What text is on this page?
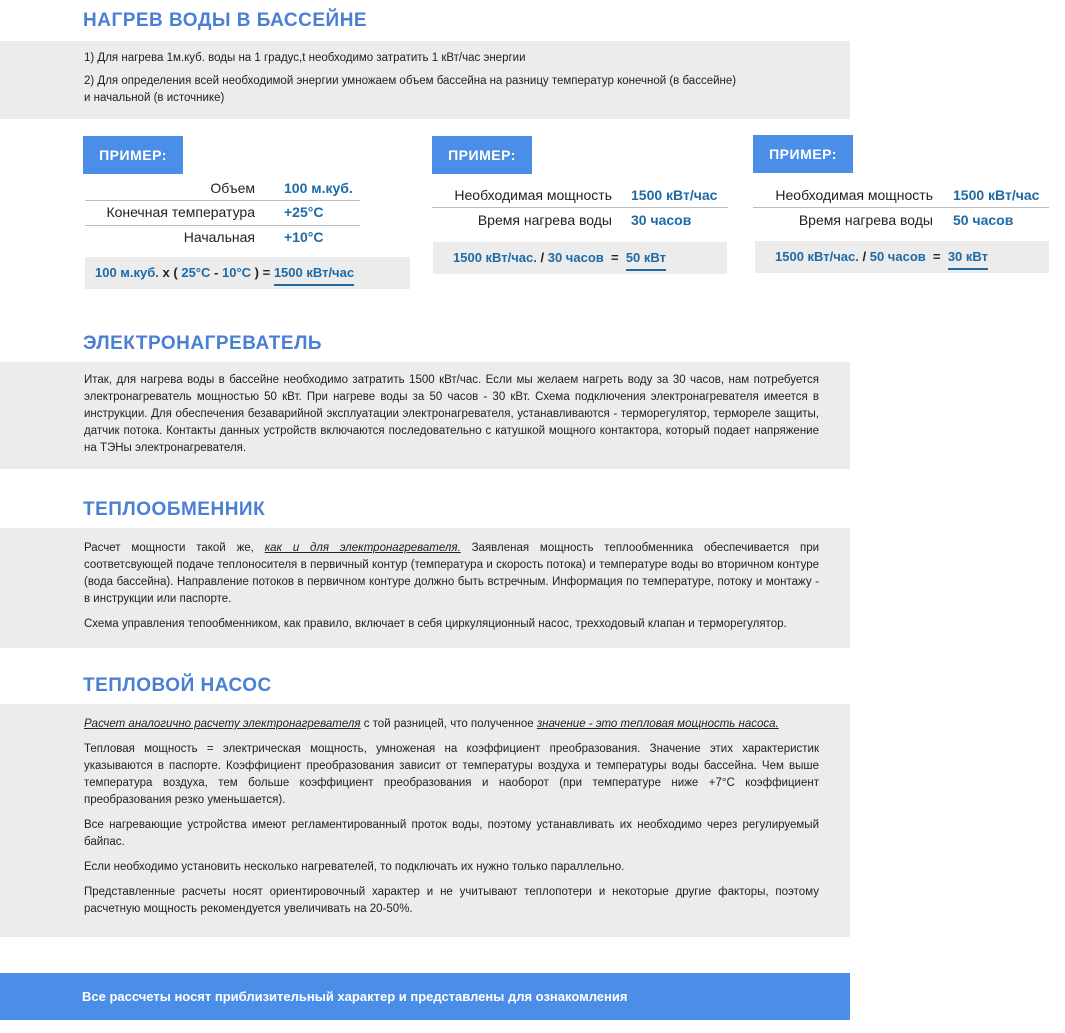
НАГРЕВ ВОДЫ В БАССЕЙНЕ
1) Для нагрева 1м.куб. воды на 1 градус,t необходимо затратить 1 кВт/час энергии
2) Для определения всей необходимой энергии умножаем объем бассейна на разницу температур конечной (в бассейне)
и начальной (в источнике)
ПРИМЕР:
Объем 100 м.куб.
Конечная температура +25°С
Начальная +10°С
100 м.куб. х ( 25°С - 10°С ) = 1500 кВт/час
ПРИМЕР:
Необходимая мощность 1500 кВт/час
Время нагрева воды 30 часов
1500 кВт/час. / 30 часов = 50 кВт
ПРИМЕР:
Необходимая мощность 1500 кВт/час
Время нагрева воды 50 часов
1500 кВт/час. / 50 часов = 30 кВт
ЭЛЕКТРОНАГРЕВАТЕЛЬ

Итак, для нагрева воды в бассейне необходимо затратить 1500 кВт/час. Если мы желаем нагреть воду за 30 часов, нам потребуется электронагреватель мощностью 50 кВт. При нагреве воды за 50 часов - 30 кВт. Схема подключения электронагревателя имеется в инструкции. Для обеспечения безаварийной эксплуатации электронагревателя, устанавливаются - терморегулятор, термореле защиты, датчик потока. Контакты данных устройств включаются последовательно с катушкой мощного контактора, который подает напряжение на ТЭНы электронагревателя.

ТЕПЛООБМЕННИК

Расчет мощности такой же, как и для электронагревателя. Заявленая мощность теплообменника обеспечивается при соответсвующей подаче теплоносителя в первичный контур (температура и скорость потока) и температуре воды во вторичном контуре (вода бассейна). Направление потоков в первичном контуре должно быть встречным. Информация по температуре, потоку и монтажу - в инструкции или паспорте.

Схема управления тепообменником, как правило, включает в себя циркуляционный насос, трехходовый клапан и терморегулятор.

ТЕПЛОВОЙ НАСОС

Расчет аналогично расчету электронагревателя с той разницей, что полученное значение - это тепловая мощность насоса.

Тепловая мощность = электрическая мощность, умноженая на коэффициент преобразования. Значение этих характеристик указываются в паспорте. Коэффициент преобразования зависит от температуры воздуха и температуры воды бассейна. Чем выше температура воздуха, тем больше коэффициент преобразования и наоборот (при температуре ниже +7°С коэффициент преобразования резко уменьшается).

Все нагревающие устройства имеют регламентированный проток воды, поэтому устанавливать их необходимо через регулируемый байпас.

Если необходимо установить несколько нагревателей, то подключать их нужно только параллельно.

Представленные расчеты носят ориентировочный характер и не учитывают теплопотери и некоторые другие факторы, поэтому расчетную мощность рекомендуется увеличивать на 20-50%.

Все рассчеты носят приблизительный характер и представлены для ознакомления
